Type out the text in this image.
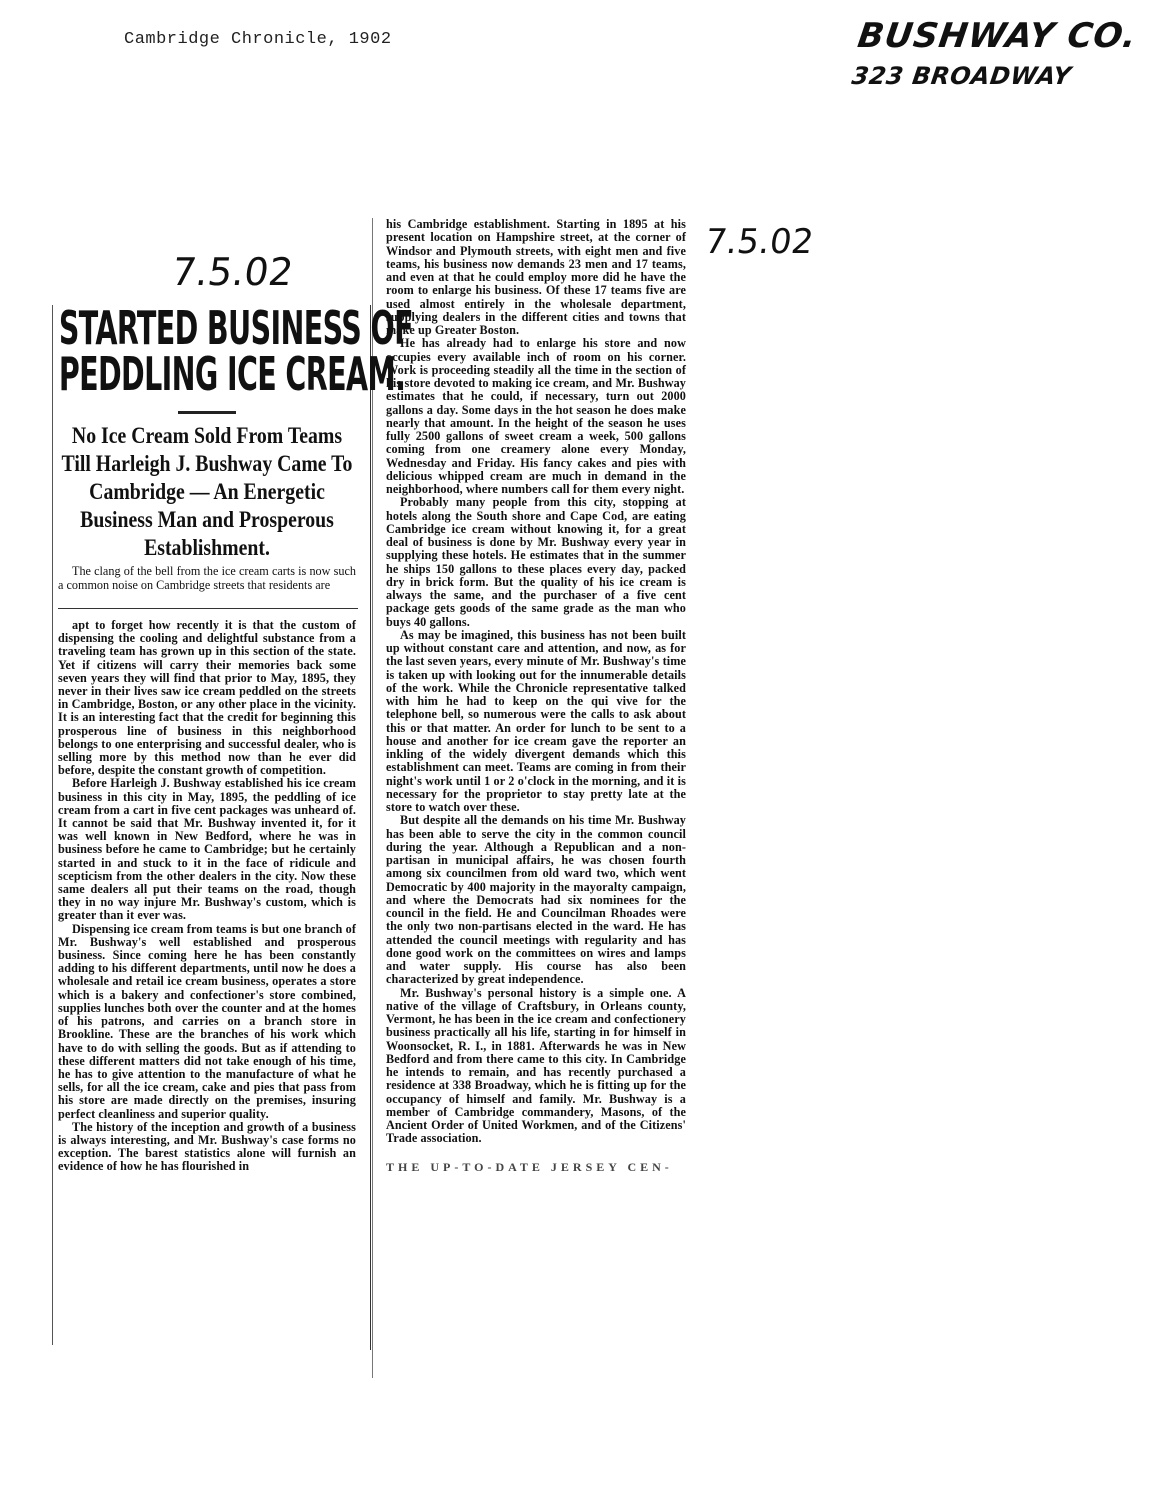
Cambridge Chronicle, 1902	BUSHWAY CO.
323 BROADWAY
7.5.02
7.5.02
STARTED BUSINESS OF
PEDDLING ICE CREAM.
No Ice Cream Sold From Teams Till Harleigh J. Bushway Came To Cambridge — An Energetic Business Man and Prosperous Establishment.
The clang of the bell from the ice cream carts is now such a common noise on Cambridge streets that residents are

apt to forget how recently it is that the custom of dispensing the cooling and delightful substance from a traveling team has grown up in this section of the state. Yet if citizens will carry their memories back some seven years they will find that prior to May, 1895, they never in their lives saw ice cream peddled on the streets in Cambridge, Boston, or any other place in the vicinity. It is an interesting fact that the credit for beginning this prosperous line of business in this neighborhood belongs to one enterprising and successful dealer, who is selling more by this method now than he ever did before, despite the constant growth of competition.

Before Harleigh J. Bushway established his ice cream business in this city in May, 1895, the peddling of ice cream from a cart in five cent packages was unheard of. It cannot be said that Mr. Bushway invented it, for it was well known in New Bedford, where he was in business before he came to Cambridge; but he certainly started in and stuck to it in the face of ridicule and scepticism from the other dealers in the city. Now these same dealers all put their teams on the road, though they in no way injure Mr. Bushway's custom, which is greater than it ever was.

Dispensing ice cream from teams is but one branch of Mr. Bushway's well established and prosperous business. Since coming here he has been constantly adding to his different departments, until now he does a wholesale and retail ice cream business, operates a store which is a bakery and confectioner's store combined, supplies lunches both over the counter and at the homes of his patrons, and carries on a branch store in Brookline. These are the branches of his work which have to do with selling the goods. But as if attending to these different matters did not take enough of his time, he has to give attention to the manufacture of what he sells, for all the ice cream, cake and pies that pass from his store are made directly on the premises, insuring perfect cleanliness and superior quality.

The history of the inception and growth of a business is always interesting, and Mr. Bushway's case forms no exception. The barest statistics alone will furnish an evidence of how he has flourished in

his Cambridge establishment. Starting in 1895 at his present location on Hampshire street, at the corner of Windsor and Plymouth streets, with eight men and five teams, his business now demands 23 men and 17 teams, and even at that he could employ more did he have the room to enlarge his business. Of these 17 teams five are used almost entirely in the wholesale department, supplying dealers in the different cities and towns that make up Greater Boston.

He has already had to enlarge his store and now occupies every available inch of room on his corner. Work is proceeding steadily all the time in the section of his store devoted to making ice cream, and Mr. Bushway estimates that he could, if necessary, turn out 2000 gallons a day. Some days in the hot season he does make nearly that amount. In the height of the season he uses fully 2500 gallons of sweet cream a week, 500 gallons coming from one creamery alone every Monday, Wednesday and Friday. His fancy cakes and pies with delicious whipped cream are much in demand in the neighborhood, where numbers call for them every night.

Probably many people from this city, stopping at hotels along the South shore and Cape Cod, are eating Cambridge ice cream without knowing it, for a great deal of business is done by Mr. Bushway every year in supplying these hotels. He estimates that in the summer he ships 150 gallons to these places every day, packed dry in brick form. But the quality of his ice cream is always the same, and the purchaser of a five cent package gets goods of the same grade as the man who buys 40 gallons.

As may be imagined, this business has not been built up without constant care and attention, and now, as for the last seven years, every minute of Mr. Bushway's time is taken up with looking out for the innumerable details of the work. While the Chronicle representative talked with him he had to keep on the qui vive for the telephone bell, so numerous were the calls to ask about this or that matter. An order for lunch to be sent to a house and another for ice cream gave the reporter an inkling of the widely divergent demands which this establishment can meet. Teams are coming in from their night's work until 1 or 2 o'clock in the morning, and it is necessary for the proprietor to stay pretty late at the store to watch over these.

But despite all the demands on his time Mr. Bushway has been able to serve the city in the common council during the year. Although a Republican and a non-partisan in municipal affairs, he was chosen fourth among six councilmen from old ward two, which went Democratic by 400 majority in the mayoralty campaign, and where the Democrats had six nominees for the council in the field. He and Councilman Rhoades were the only two non-partisans elected in the ward. He has attended the council meetings with regularity and has done good work on the committees on wires and lamps and water supply. His course has also been characterized by great independence.

Mr. Bushway's personal history is a simple one. A native of the village of Craftsbury, in Orleans county, Vermont, he has been in the ice cream and confectionery business practically all his life, starting in for himself in Woonsocket, R. I., in 1881. Afterwards he was in New Bedford and from there came to this city. In Cambridge he intends to remain, and has recently purchased a residence at 338 Broadway, which he is fitting up for the occupancy of himself and family. Mr. Bushway is a member of Cambridge commandery, Masons, of the Ancient Order of United Workmen, and of the Citizens' Trade association.

THE UP-TO-DATE JERSEY CEN-
